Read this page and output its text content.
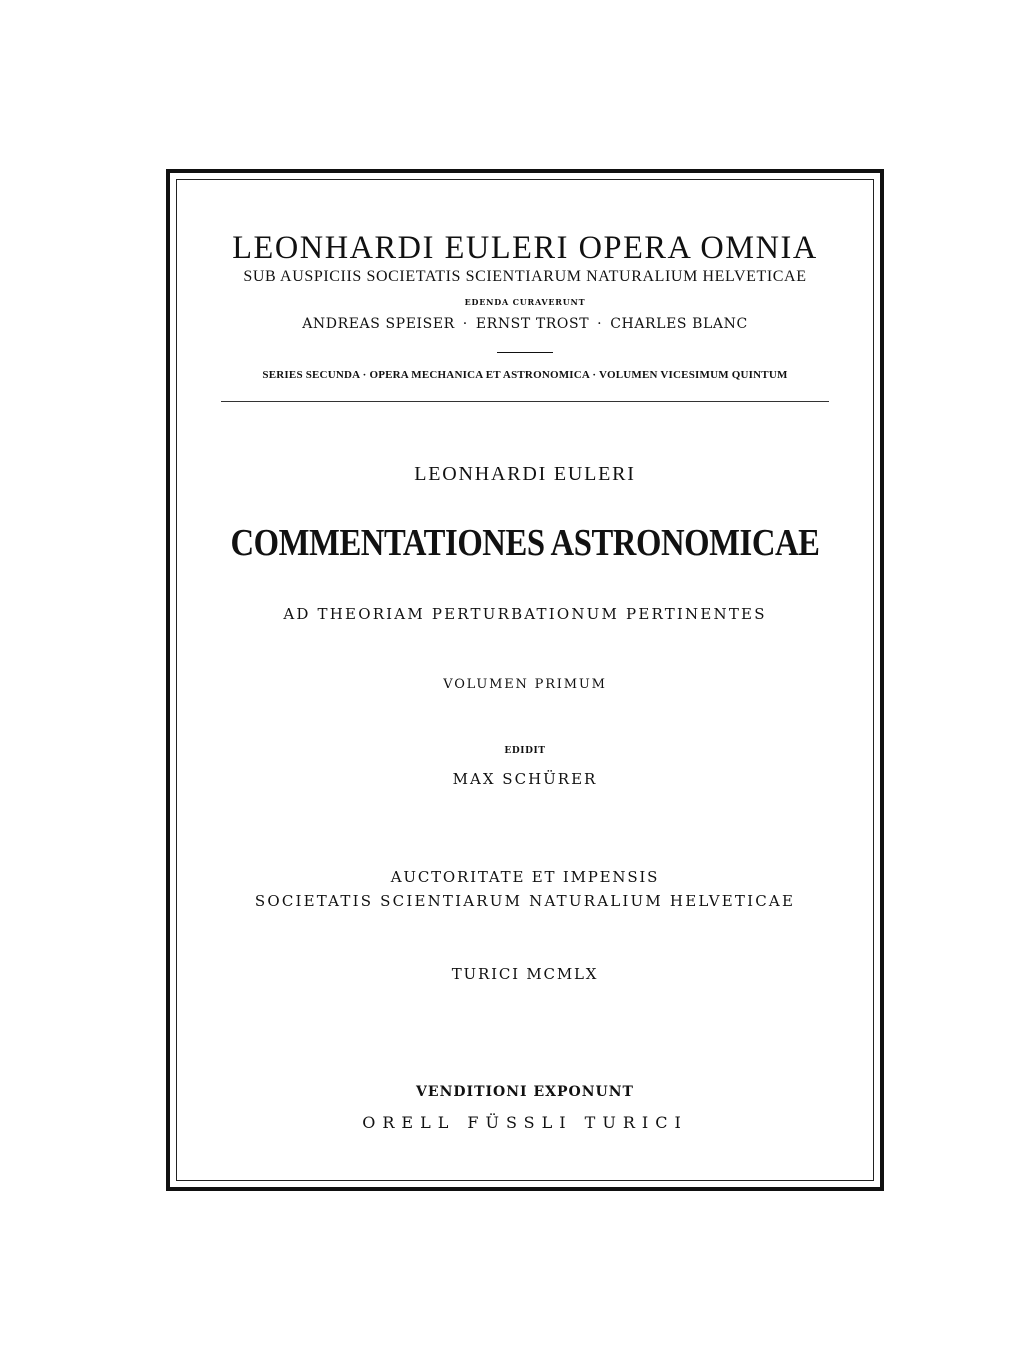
LEONHARDI EULERI OPERA OMNIA
SUB AUSPICIIS SOCIETATIS SCIENTIARUM NATURALIUM HELVETICAE
EDENDA CURAVERUNT
ANDREAS SPEISER · ERNST TROST · CHARLES BLANC
SERIES SECUNDA · OPERA MECHANICA ET ASTRONOMICA · VOLUMEN VICESIMUM QUINTUM
LEONHARDI EULERI
COMMENTATIONES ASTRONOMICAE
AD THEORIAM PERTURBATIONUM PERTINENTES
VOLUMEN PRIMUM
EDIDIT
MAX SCHÜRER
AUCTORITATE ET IMPENSIS
SOCIETATIS SCIENTIARUM NATURALIUM HELVETICAE
TURICI MCMLX
VENDITIONI EXPONUNT
ORELL FÜSSLI TURICI
